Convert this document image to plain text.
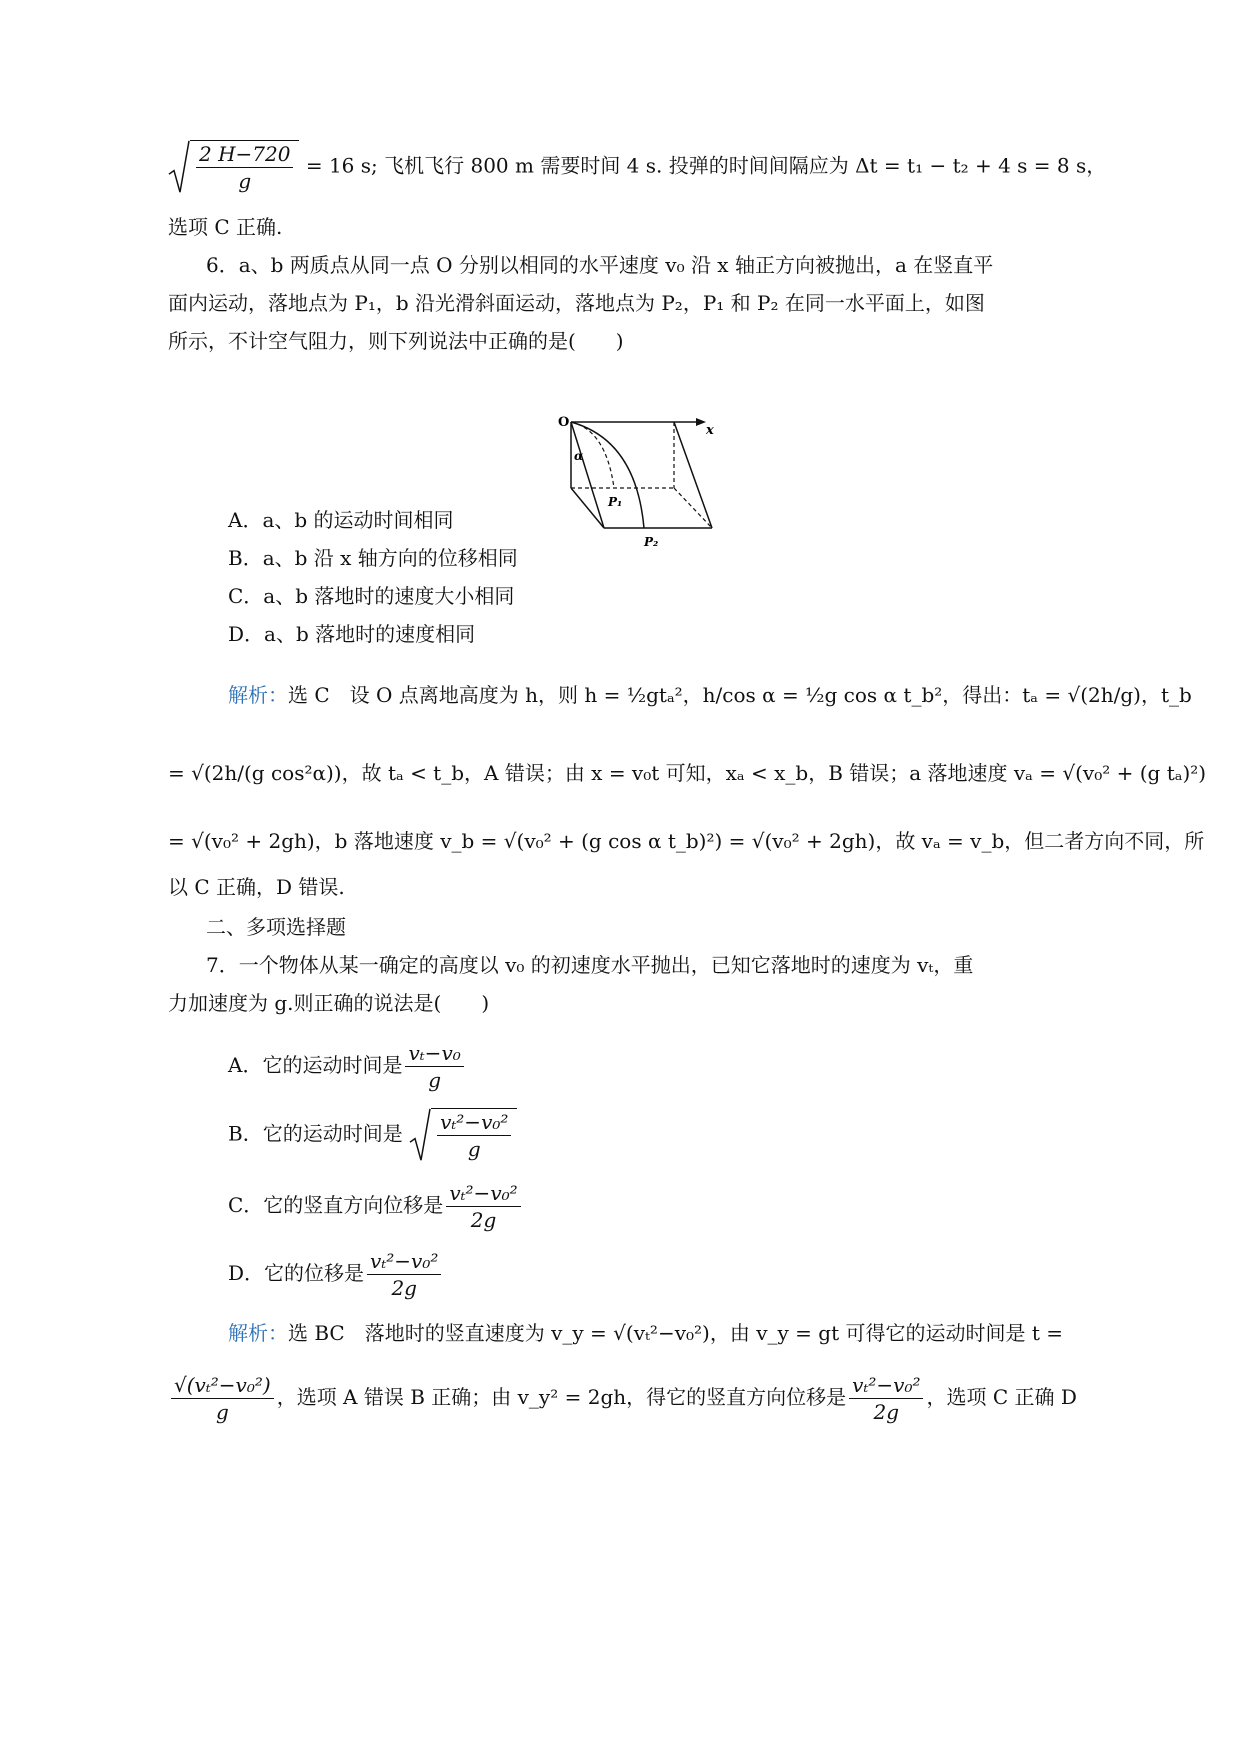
$\frac{2 H-720}{g} = 16$ s; 飞机飞行 800 m 需要时间 4 s. 投弹的时间间隔应为 Δt = t₁ − t₂ + 4 s = 8 s，
选项 C 正确.
6．a、b 两质点从同一点 O 分别以相同的水平速度 v₀ 沿 x 轴正方向被抛出，a 在竖直平
面内运动，落地点为 P₁，b 沿光滑斜面运动，落地点为 P₂，P₁ 和 P₂ 在同一水平面上，如图
所示，不计空气阻力，则下列说法中正确的是(　　)
O
x
α
P₁
P₂
A．a、b 的运动时间相同
B．a、b 沿 x 轴方向的位移相同
C．a、b 落地时的速度大小相同
D．a、b 落地时的速度相同
解析：选 C　设 O 点离地高度为 h，则 h = ½gtₐ²，h/cos α = ½g cos α t_b²，得出：tₐ = √(2h/g)，t_b
= √(2h/(g cos²α))，故 tₐ < t_b，A 错误；由 x = v₀t 可知，xₐ < x_b，B 错误；a 落地速度 vₐ = √(v₀² + (g tₐ)²)
= √(v₀² + 2gh)，b 落地速度 v_b = √(v₀² + (g cos α t_b)²) = √(v₀² + 2gh)，故 vₐ = v_b，但二者方向不同，所
以 C 正确，D 错误.
二、多项选择题
7．一个物体从某一确定的高度以 v₀ 的初速度水平抛出，已知它落地时的速度为 vₜ，重
力加速度为 g.则正确的说法是(　　)
A．它的运动时间是 $\frac{\text{vₜ−v₀}}{g}$
B．它的运动时间是 $\frac{\text{vₜ²−v₀²}}{g}$
C．它的竖直方向位移是 $\frac{\text{vₜ²−v₀²}}{2g}$
D．它的位移是 $\frac{\text{vₜ²−v₀²}}{2g}$
解析：选 BC　落地时的竖直速度为 v_y = √(vₜ²−v₀²)，由 v_y = gt 可得它的运动时间是 t =
$\frac{\text{√(vₜ²−v₀²)}}{g}$ ，选项 A 错误 B 正确；由 v_y² = 2gh，得它的竖直方向位移是 $\frac{\text{vₜ²−v₀²}}{2g}$ ，选项 C 正确 D
